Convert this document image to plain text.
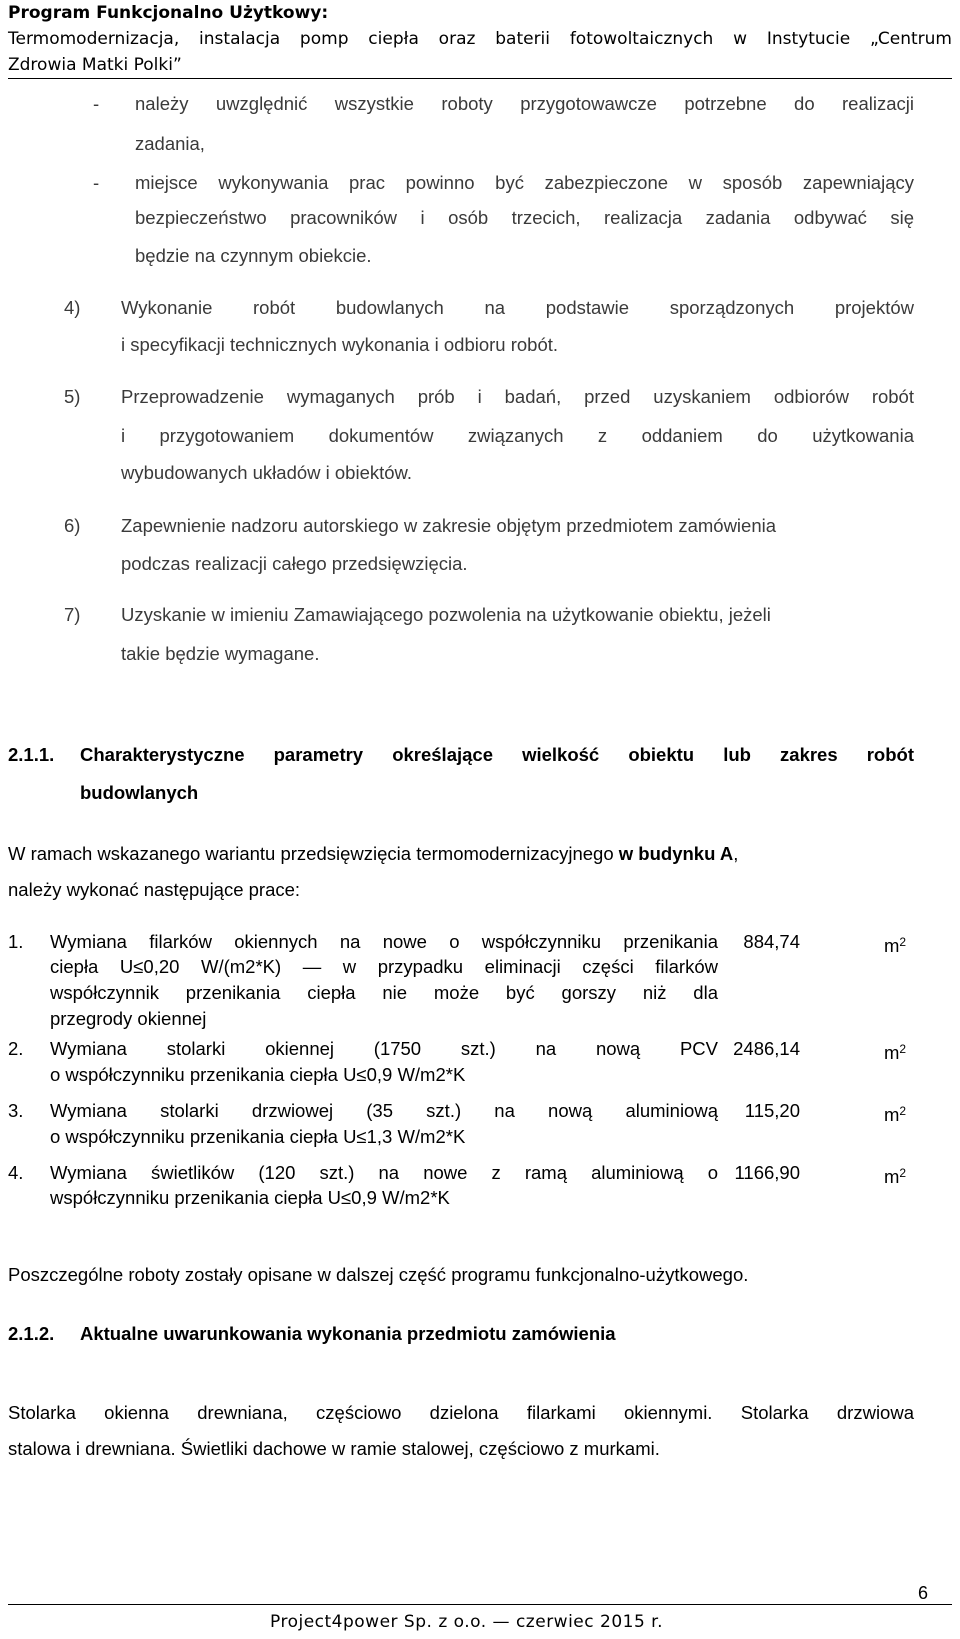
Program Funkcjonalno Użytkowy:
Termomodernizacja, instalacja pomp ciepła oraz baterii fotowoltaicznych w Instytucie „Centrum
Zdrowia Matki Polki”
- należy uwzględnić wszystkie roboty przygotowawcze potrzebne do realizacji
zadania,
- miejsce wykonywania prac powinno być zabezpieczone w sposób zapewniający
bezpieczeństwo pracowników i osób trzecich, realizacja zadania odbywać się
będzie na czynnym obiekcie.
4) Wykonanie robót budowlanych na podstawie sporządzonych projektów
i specyfikacji technicznych wykonania i odbioru robót.
5) Przeprowadzenie wymaganych prób i badań, przed uzyskaniem odbiorów robót
i przygotowaniem dokumentów związanych z oddaniem do użytkowania
wybudowanych układów i obiektów.
6) Zapewnienie nadzoru autorskiego w zakresie objętym przedmiotem zamówienia
podczas realizacji całego przedsięwzięcia.
7) Uzyskanie w imieniu Zamawiającego pozwolenia na użytkowanie obiektu, jeżeli
takie będzie wymagane.
2.1.1. Charakterystyczne parametry określające wielkość obiektu lub zakres robót
budowlanych
W ramach wskazanego wariantu przedsięwzięcia termomodernizacyjnego w budynku A,
należy wykonać następujące prace:
1. Wymiana filarków okiennych na nowe o współczynniku przenikania
ciepła U≤0,20 W/(m2*K) — w przypadku eliminacji części filarków
współczynnik przenikania ciepła nie może być gorszy niż dla
przegrody okiennej
884,74	$m^2$
2. Wymiana stolarki okiennej (1750 szt.) na nową PCV
o współczynniku przenikania ciepła U≤0,9 W/m2*K
2486,14	$m^2$
3. Wymiana stolarki drzwiowej (35 szt.) na nową aluminiową
o współczynniku przenikania ciepła U≤1,3 W/m2*K
115,20	$m^2$
4. Wymiana świetlików (120 szt.) na nowe z ramą aluminiową o
współczynniku przenikania ciepła U≤0,9 W/m2*K
1166,90	$m^2$
Poszczególne roboty zostały opisane w dalszej część programu funkcjonalno-użytkowego.
2.1.2. Aktualne uwarunkowania wykonania przedmiotu zamówienia
Stolarka okienna drewniana, częściowo dzielona filarkami okiennymi. Stolarka drzwiowa
stalowa i drewniana. Świetliki dachowe w ramie stalowej, częściowo z murkami.
6
Project4power Sp. z o.o. — czerwiec 2015 r.
